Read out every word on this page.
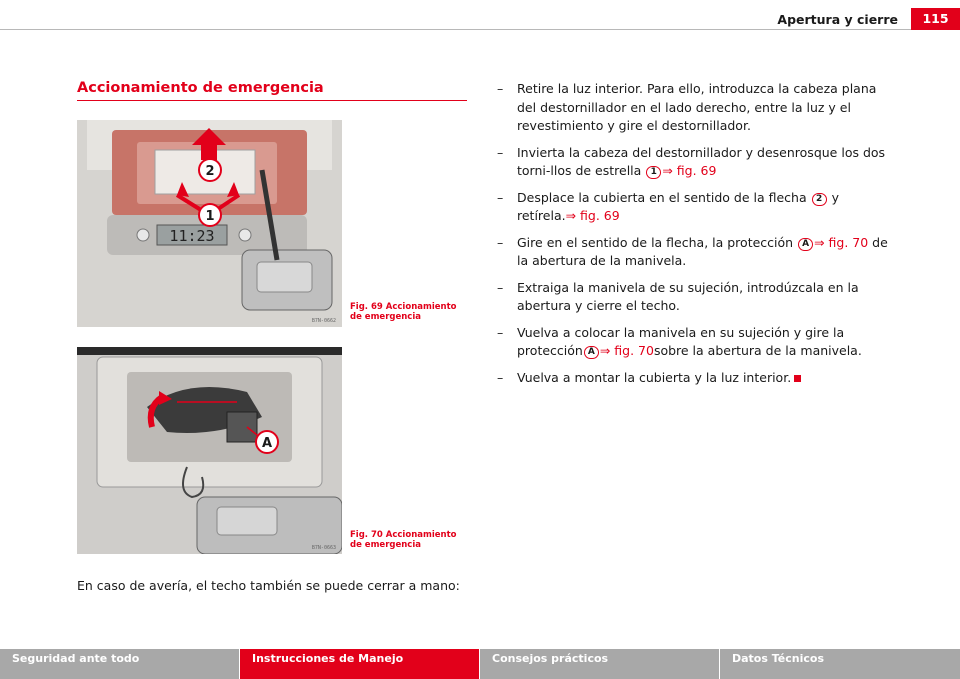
Apertura y cierre	115
Accionamiento de emergencia
11:23
1
2
B7N-0662
Fig. 69 Accionamiento de emergencia
A
B7N-0663
Fig. 70 Accionamiento de emergencia
En caso de avería, el techo también se puede cerrar a mano:
– Retire la luz interior. Para ello, introduzca la cabeza plana del destornillador en el lado derecho, entre la luz y el revestimiento y gire el destornillador.
– Invierta la cabeza del destornillador y desenrosque los dos torni-llos de estrella 1 ⇒ fig. 69
– Desplace la cubierta en el sentido de la flecha 2 y retírela.⇒ fig. 69
– Gire en el sentido de la flecha, la protección A ⇒ fig. 70 de la abertura de la manivela.
– Extraiga la manivela de su sujeción, introdúzcala en la abertura y cierre el techo.
– Vuelva a colocar la manivela en su sujeción y gire la protección A ⇒ fig. 70sobre la abertura de la manivela.
– Vuelva a montar la cubierta y la luz interior.
Seguridad ante todo	Instrucciones de Manejo	Consejos prácticos	Datos Técnicos
